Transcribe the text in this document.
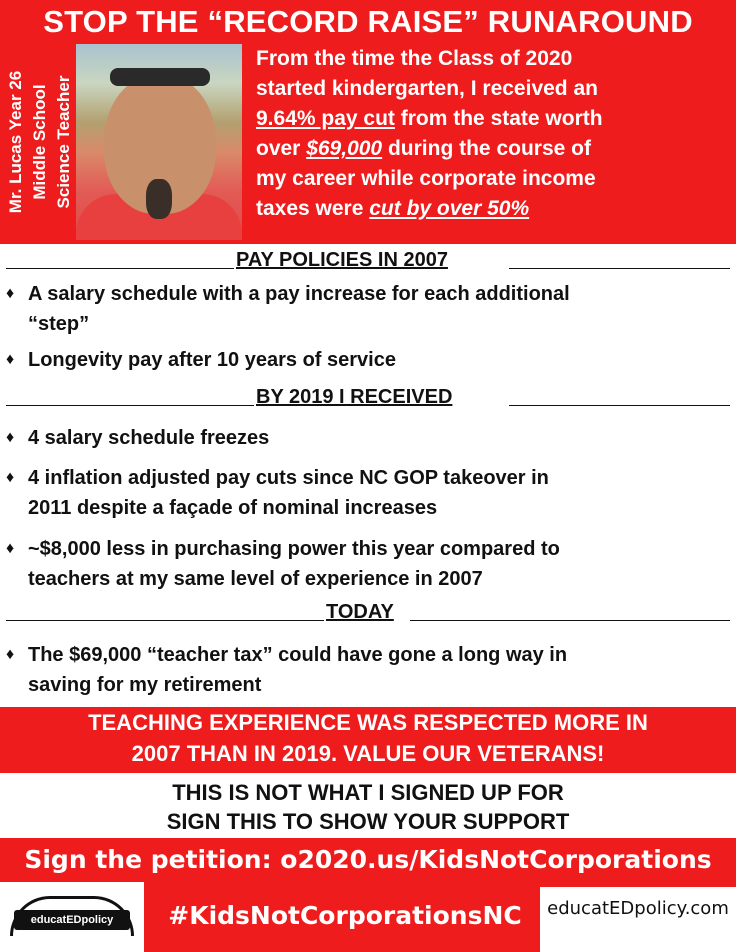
STOP THE “RECORD RAISE” RUNAROUND
Mr. Lucas Year 26 Middle School Science Teacher
From the time the Class of 2020
started kindergarten, I received an
9.64% pay cut from the state worth
over $69,000 during the course of
my career while corporate income
taxes were cut by over 50%
PAY POLICIES IN 2007
♦ A salary schedule with a pay increase for each additional
“step”
♦ Longevity pay after 10 years of service
BY 2019 I RECEIVED
♦ 4 salary schedule freezes
♦ 4 inflation adjusted pay cuts since NC GOP takeover in
2011 despite a façade of nominal increases
♦ ~$8,000 less in purchasing power this year compared to
teachers at my same level of experience in 2007
TODAY
♦ The $69,000 “teacher tax” could have gone a long way in
saving for my retirement
TEACHING EXPERIENCE WAS RESPECTED MORE IN
2007 THAN IN 2019. VALUE OUR VETERANS!
THIS IS NOT WHAT I SIGNED UP FOR
SIGN THIS TO SHOW YOUR SUPPORT
Sign the petition: o2020.us/KidsNotCorporations
educatEDpolicy	#KidsNotCorporationsNC	educatEDpolicy.com
